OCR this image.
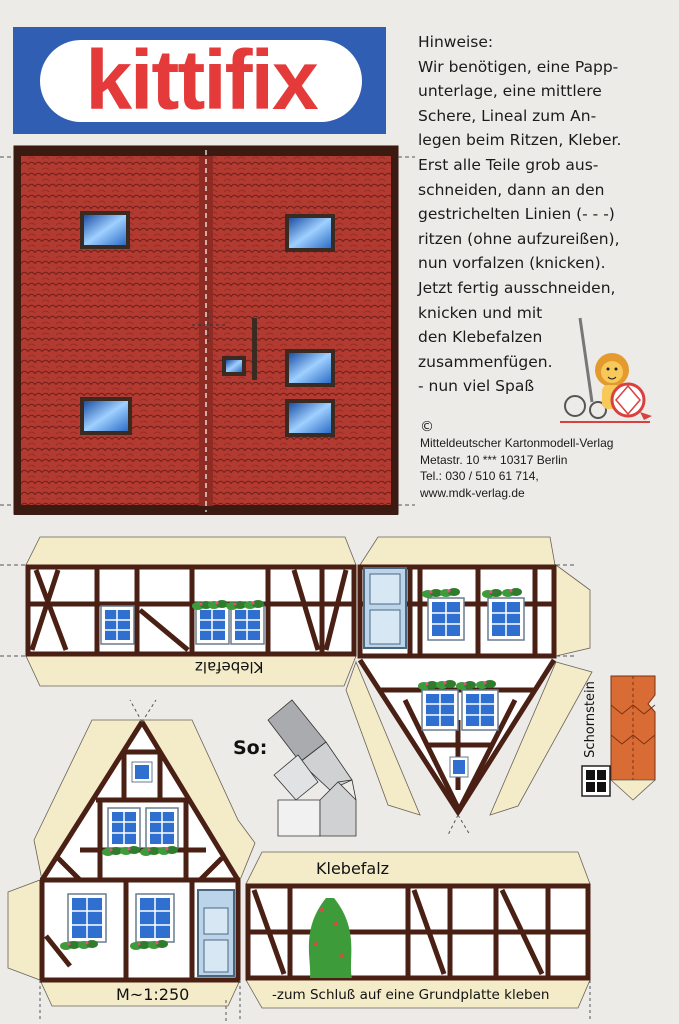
kittifix	Hinweise:
Wir benötigen, eine Papp-
unterlage, eine mittlere
Schere, Lineal zum An-
legen beim Ritzen, Kleber.
Erst alle Teile grob aus-
schneiden, dann an den
gestrichelten Linien (- - -)
ritzen (ohne aufzureißen),
nun vorfalzen (knicken).
Jetzt fertig ausschneiden,
knicken und mit
den Klebefalzen
zusammenfügen.
- nun viel Spaß
©
Mitteldeutscher Kartonmodell-Verlag
Metastr. 10 *** 10317 Berlin
Tel.: 030 / 510 61 714,
www.mdk-verlag.de
Klebefalz
Klebefalz
So:	Schornstein
M~1:250	-zum Schluß auf eine Grundplatte kleben
